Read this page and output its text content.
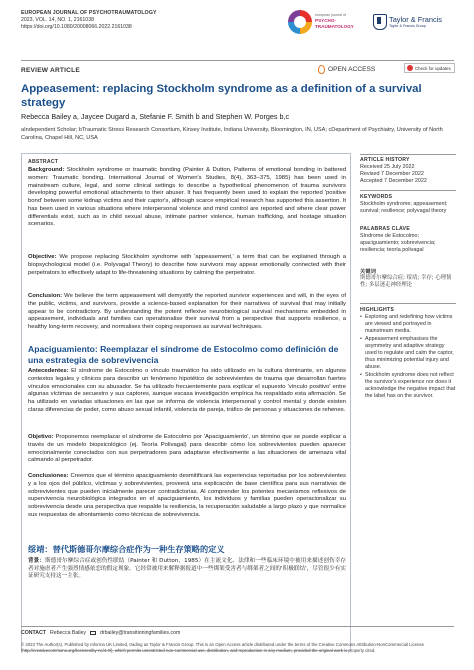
EUROPEAN JOURNAL OF PSYCHOTRAUMATOLOGY
2023, VOL. 14, NO. 1, 2161038
https://doi.org/10.1080/20008066.2022.2161038
european journal of
PSYCHO-
TRAUMATOLOGY
Taylor & Francis
Taylor & Francis Group
REVIEW ARTICLE	OPEN ACCESS	Check for updates
Appeasement: replacing Stockholm syndrome as a definition of a survival strategy
Rebecca Bailey a, Jaycee Dugard a, Stefanie F. Smith b and Stephen W. Porges b,c
aIndependent Scholar; bTraumatic Stress Research Consortium, Kinsey Institute, Indiana University, Bloomington, IN, USA; cDepartment of Psychiatry, University of North Carolina, Chapel Hill, NC, USA
ABSTRACT
Background: Stockholm syndrome or traumatic bonding (Painter & Dutton, Patterns of emotional bonding in battered women: Traumatic bonding. International Journal of Women's Studies, 8(4), 363–375, 1985) has been used in mainstream culture, legal, and some clinical settings to describe a hypothetical phenomenon of trauma survivors developing powerful emotional attachments to their abuser. It has frequently been used to explain the reported 'positive bond' between some kidnap victims and their captor's, although scarce empirical research has supported this assertion. It has been used in various situations where interpersonal violence and mind control are reported and where clear power differentials exist, such as in child sexual abuse, intimate partner violence, human trafficking, and hostage situation scenarios.
Objective: We propose replacing Stockholm syndrome with 'appeasement,' a term that can be explained through a biopsychological model (i.e. Polyvagal Theory) to describe how survivors may appear emotionally connected with their perpetrators to effectively adapt to life-threatening situations by calming the perpetrator.
Conclusion: We believe the term appeasement will demystify the reported survivor experiences and will, in the eyes of the public, victims, and survivors, provide a science-based explanation for their narratives of survival that may initially appear to be contradictory. By understanding the potent reflexive neurobiological survival mechanisms embedded in appeasement, individuals and families can operationalise their survival from a perspective that supports resilience, a healthy long-term recovery, and normalises their coping responses as survival techniques.
Apaciguamiento: Reemplazar el síndrome de Estocolmo como definición de una estrategia de sobrevivencia
Antecedentes: El síndrome de Estocolmo o vínculo traumático ha sido utilizado en la cultura dominante, en algunos contextos legales y clínicos para describir un fenómeno hipotético de sobrevivientes de trauma que desarrollan fuertes vínculos emocionales con su abusador. Se ha utilizado frecuentemente para explicar el supuesto 'vínculo positivo' entre algunas víctimas de secuestro y sus captores, aunque escasa investigación empírica ha respaldado esta afirmación. Se ha utilizado en variadas situaciones en las que se informa de violencia interpersonal y control mental y donde existen claras diferencias de poder, como abuso sexual infantil, violencia de pareja, tráfico de personas y situaciones de rehenes.
Objetivo: Proponemos reemplazar el síndrome de Estocolmo por 'Apaciguamiento', un término que se puede explicar a través de un modelo biopsicológico (ej. Teoría Polivagal) para describir cómo los sobrevivientes pueden aparecer emocionalmente conectados con sus perpetradores para adaptarse efectivamente a las situaciones de amenaza vital calmando al perpetrador.
Conclusiones: Creemos que el término apaciguamiento desmitificará las experiencias reportadas por los sobrevivientes y a los ojos del público, víctimas y sobrevivientes, proveerá una explicación de base científica para sus narrativas de sobrevivientes que pueden inicialmente parecer contradictorias. Al comprender los potentes mecanismos reflexivos de supervivencia neurobiológica integrados en el apaciguamiento, los individuos y familias pueden operacionalizar su sobrevivencia desde una perspectiva que respalde la resiliencia, la recuperación saludable a largo plazo y que normalice sus respuestas de afrontamiento como técnicas de sobrevivencia.
绥靖：替代斯德哥尔摩综合症作为一种生存策略的定义
背景：斯德哥尔摩综合症或创伤性联结（Painter 和 Dutton，1985）在主流文化、法律和一些临床环境中被用来描述创伤幸存者对施虐者产生强烈情感依恋的假定现象。它经常被用来解释据报道中一些绑架受害者与绑架者之间的'积极联结'，尽管很少有实证研究支持这一主张。
ARTICLE HISTORY
Received 25 July 2022
Revised 7 December 2022
Accepted 7 December 2022
KEYWORDS
Stockholm syndrome; appeasement; survival; resilience; polyvagal theory
PALABRAS CLAVE
Síndrome de Estocolmo; apaciguamiento; sobrevivencia; resiliencia; teoría polivagal
关键词
斯德哥尔摩综合症; 绥靖; 幸存; 心理韧性; 多层迷走神经理论
HIGHLIGHTS
• Exploring and redefining how victims are viewed and portrayed in mainstream media.
• Appeasement emphasises the asymmetry and adaptive strategy used to regulate and calm the captor, thus minimizing potential injury and abuse.
• Stockholm syndrome does not reflect the survivor's experience nor does it acknowledge the negative impact that the label has on the survivor.
CONTACT Rebecca Bailey	drbailey@transitioningfamilies.com
© 2023 The Author(s). Published by Informa UK Limited, trading as Taylor & Francis Group. This is an Open Access article distributed under the terms of the Creative Commons Attribution-NonCommercial License (http://creativecommons.org/licenses/by-nc/4.0/), which permits unrestricted non-commercial use, distribution, and reproduction in any medium, provided the original work is properly cited.
